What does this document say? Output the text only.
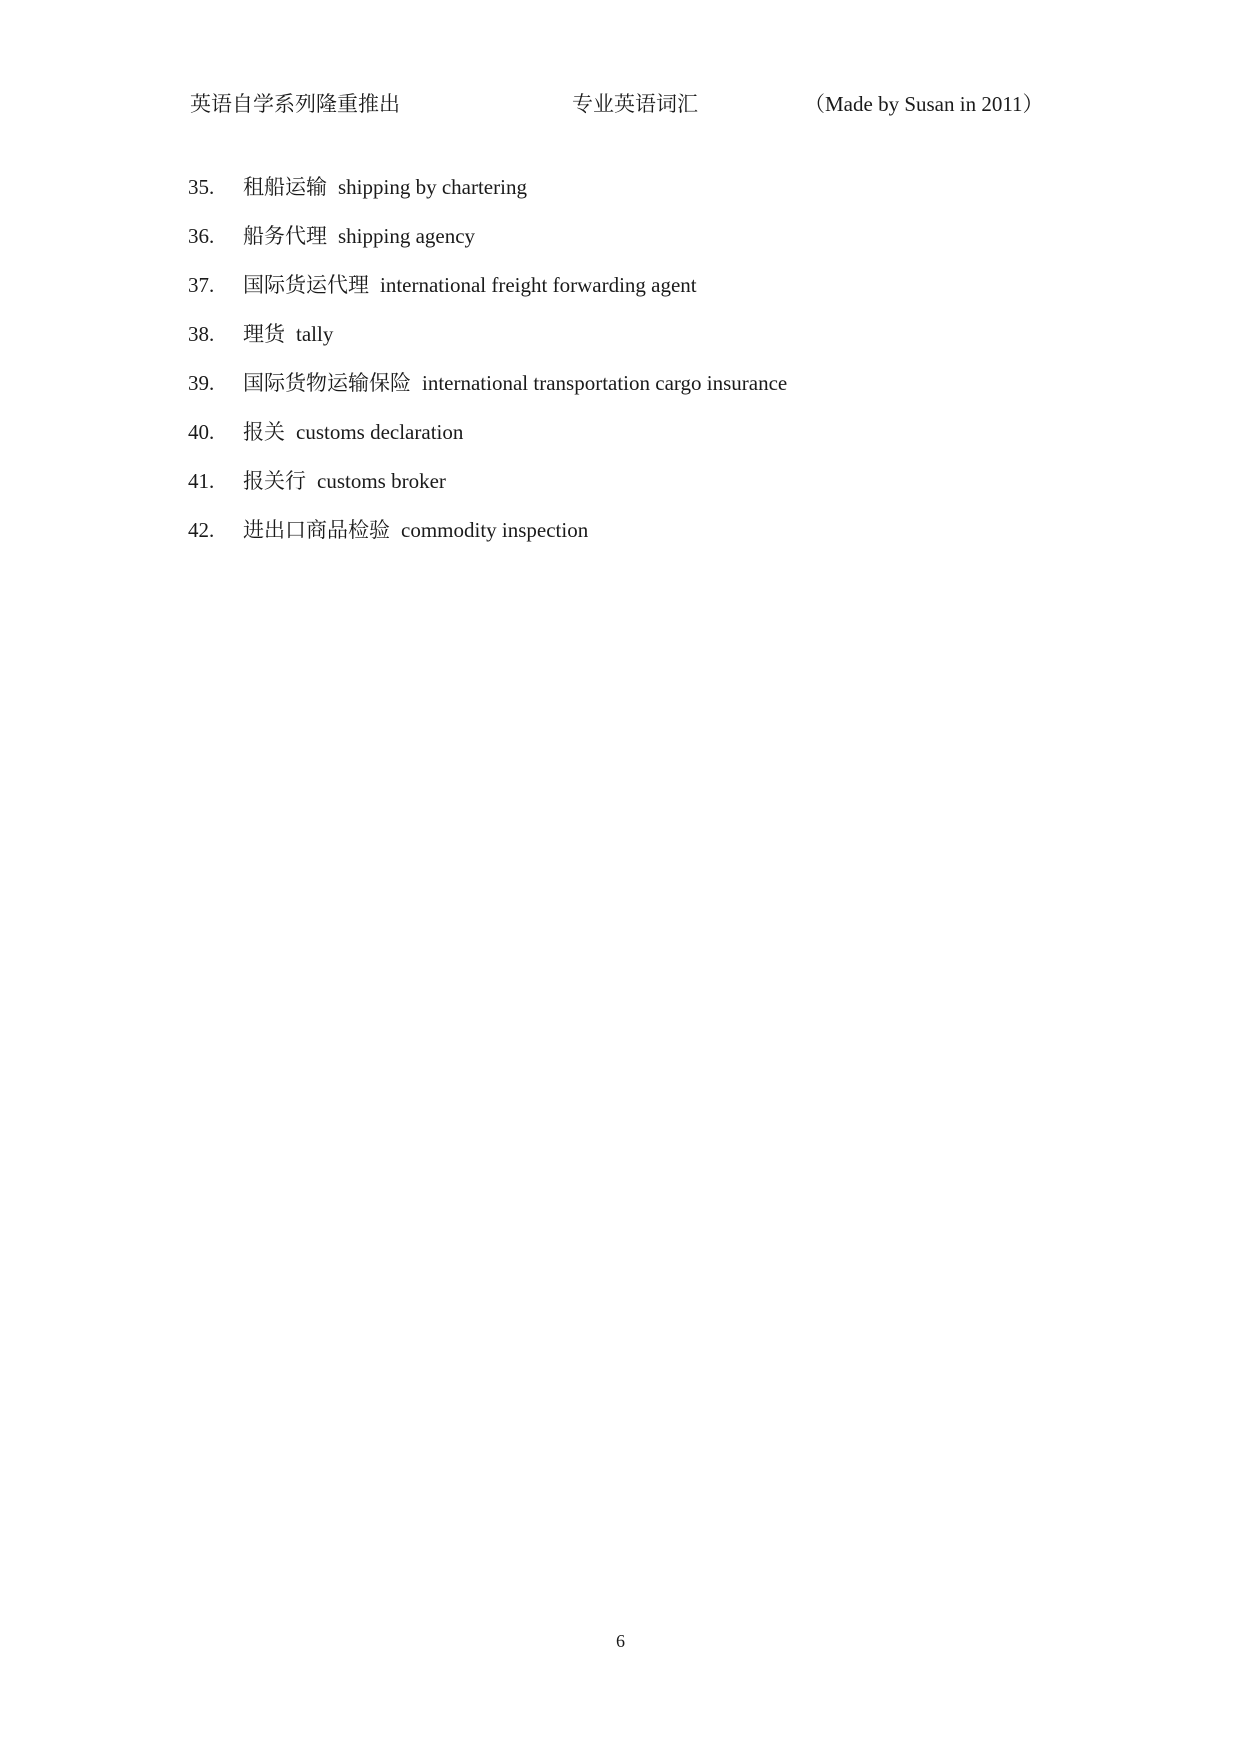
英语自学系列隆重推出	专业英语词汇	（Made by Susan in 2011）
35.	租船运输 shipping by chartering
36.	船务代理 shipping agency
37.	国际货运代理 international freight forwarding agent
38.	理货 tally
39.	国际货物运输保险 international transportation cargo insurance
40.	报关 customs declaration
41.	报关行 customs broker
42.	进出口商品检验 commodity inspection
6
